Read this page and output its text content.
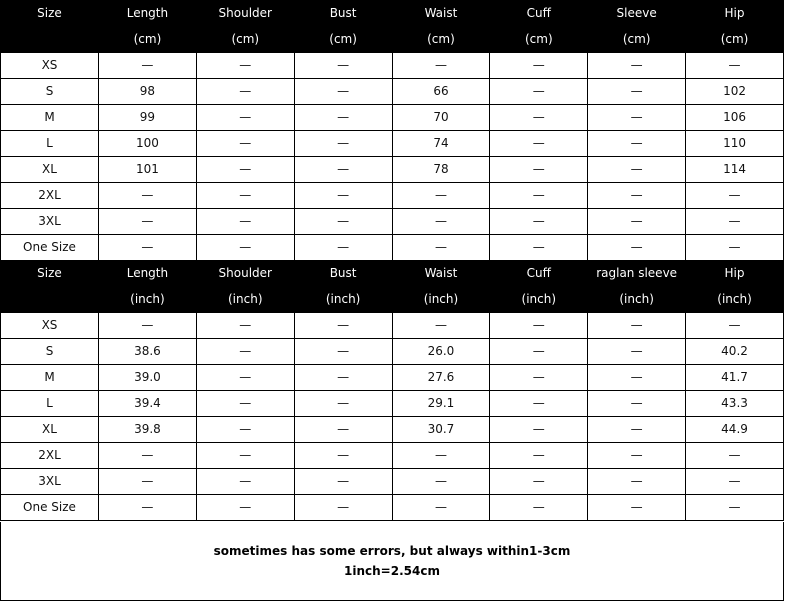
Size	Length	Shoulder	Bust	Waist	Cuff	Sleeve	Hip
	(cm)	(cm)	(cm)	(cm)	(cm)	(cm)	(cm)
XS	—	—	—	—	—	—	—
S	98	—	—	66	—	—	102
M	99	—	—	70	—	—	106
L	100	—	—	74	—	—	110
XL	101	—	—	78	—	—	114
2XL	—	—	—	—	—	—	—
3XL	—	—	—	—	—	—	—
One Size	—	—	—	—	—	—	—
Size	Length	Shoulder	Bust	Waist	Cuff	raglan sleeve	Hip
	(inch)	(inch)	(inch)	(inch)	(inch)	(inch)	(inch)
XS	—	—	—	—	—	—	—
S	38.6	—	—	26.0	—	—	40.2
M	39.0	—	—	27.6	—	—	41.7
L	39.4	—	—	29.1	—	—	43.3
XL	39.8	—	—	30.7	—	—	44.9
2XL	—	—	—	—	—	—	—
3XL	—	—	—	—	—	—	—
One Size	—	—	—	—	—	—	—
sometimes has some errors, but always within1-3cm
1inch=2.54cm
